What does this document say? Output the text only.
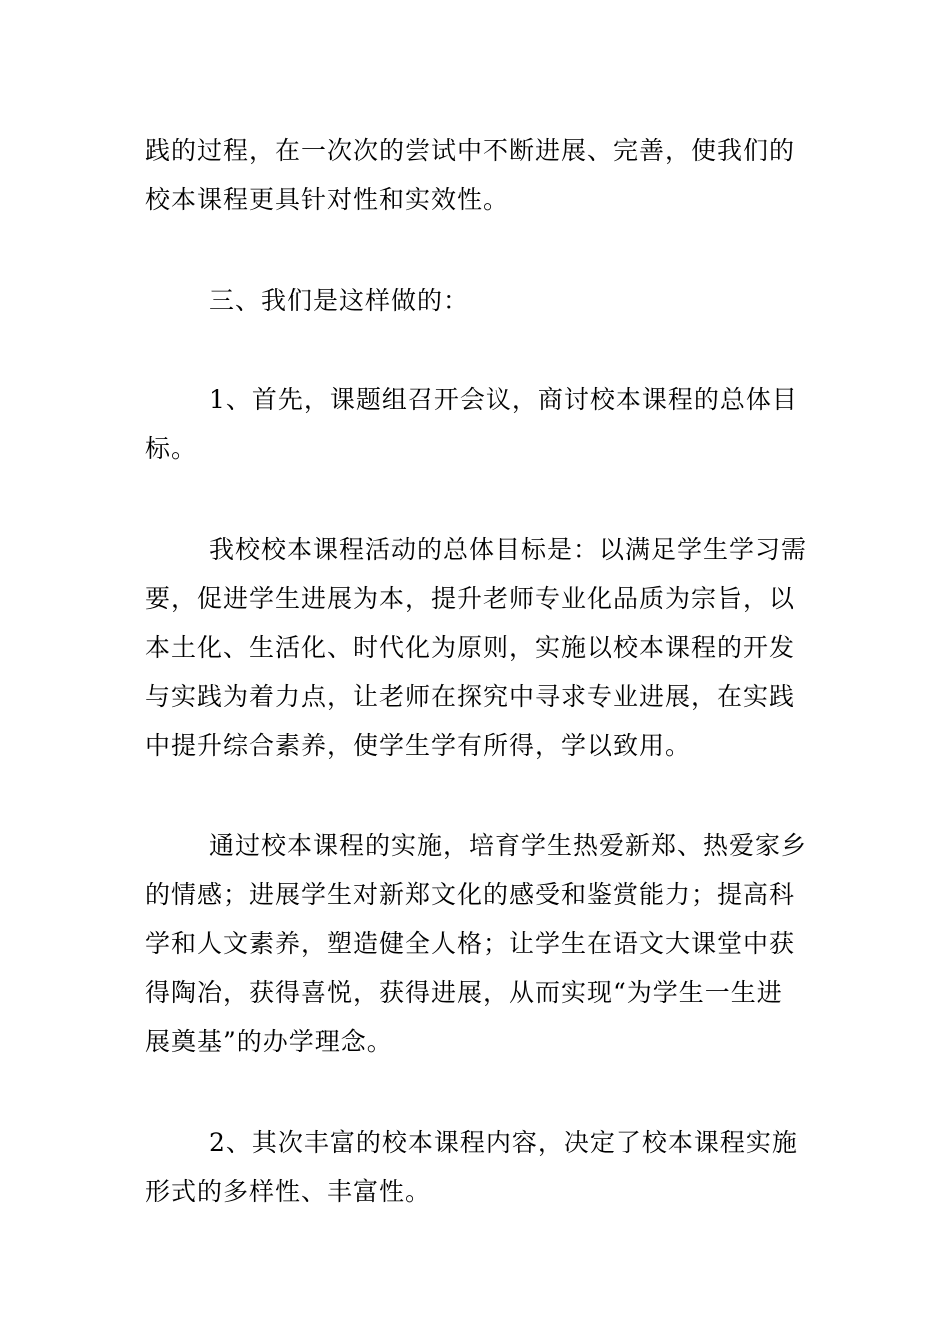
践的过程，在一次次的尝试中不断进展、完善，使我们的
校本课程更具针对性和实效性。
三、我们是这样做的：
1、首先，课题组召开会议，商讨校本课程的总体目
标。
我校校本课程活动的总体目标是：以满足学生学习需
要，促进学生进展为本，提升老师专业化品质为宗旨，以
本土化、生活化、时代化为原则，实施以校本课程的开发
与实践为着力点，让老师在探究中寻求专业进展，在实践
中提升综合素养，使学生学有所得，学以致用。
通过校本课程的实施，培育学生热爱新郑、热爱家乡
的情感；进展学生对新郑文化的感受和鉴赏能力；提高科
学和人文素养，塑造健全人格；让学生在语文大课堂中获
得陶冶，获得喜悦，获得进展，从而实现“为学生一生进
展奠基”的办学理念。
2、其次丰富的校本课程内容，决定了校本课程实施
形式的多样性、丰富性。
